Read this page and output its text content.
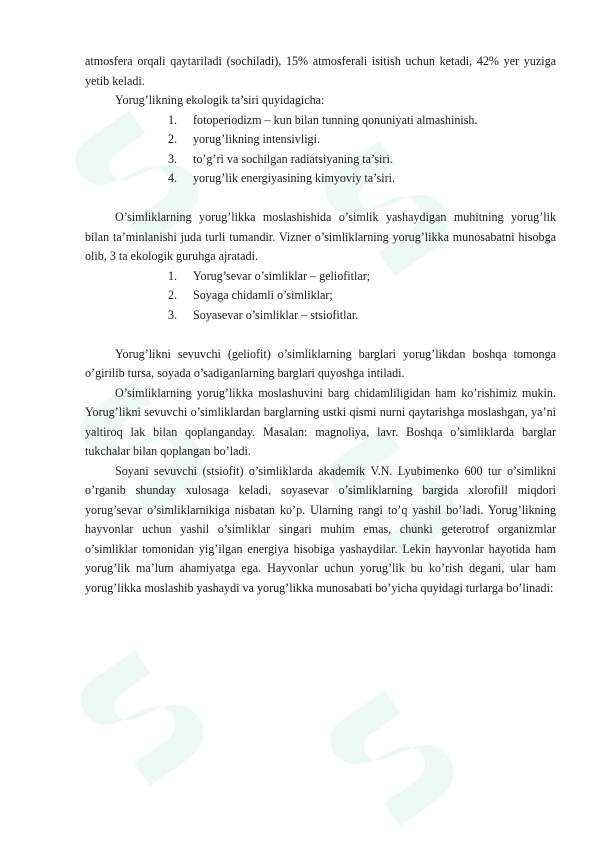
atmosfera orqali qaytariladi (sochiladi), 15% atmosferali isitish uchun ketadi, 42% yer yuziga yetib keladi.

Yorug’likning ekologik ta’siri quyidagicha:

1. fotoperiodizm – kun bilan tunning qonuniyati almashinish.
2. yorug’likning intensivligi.
3. to’g’ri va sochilgan radiatsiyaning ta’siri.
4. yorug’lik energiyasining kimyoviy ta’siri.

O’simliklarning yorug’likka moslashishida o’simlik yashaydigan muhitning yorug’lik bilan ta’minlanishi juda turli tumandir. Vizner o’simliklarning yorug’likka munosabatni hisobga olib, 3 ta ekologik guruhga ajratadi.

1. Yorug’sevar o’simliklar – geliofitlar;
2. Soyaga chidamli o’simliklar;
3. Soyasevar o’simliklar – stsiofitlar.

Yorug’likni sevuvchi (geliofit) o’simliklarning barglari yorug’likdan boshqa tomonga o’girilib tursa, soyada o’sadiganlarning barglari quyoshga intiladi.

O’simliklarning yorug’likka moslashuvini barg chidamliligidan ham ko’rishimiz mukin. Yorug’likni sevuvchi o’simliklardan barglarning ustki qismi nurni qaytarishga moslashgan, ya’ni yaltiroq lak bilan qoplanganday. Masalan: magnoliya, lavr. Boshqa o’simliklarda barglar tukchalar bilan qoplangan bo’ladi.

Soyani sevuvchi (stsiofit) o’simliklarda akademik V.N. Lyubimenko 600 tur o’simlikni o’rganib shunday xulosaga keladi, soyasevar o’simliklarning bargida xlorofill miqdori yorug’sevar o’simliklarnikiga nisbatan ko’p. Ularning rangi to’q yashil bo’ladi. Yorug’likning hayvonlar uchun yashil o’simliklar singari muhim emas, chunki geterotrof organizmlar o’simliklar tomonidan yig’ilgan energiya hisobiga yashaydilar. Lekin hayvonlar hayotida ham yorug’lik ma’lum ahamiyatga ega. Hayvonlar uchun yorug’lik bu ko’rish degani, ular ham yorug’likka moslashib yashaydi va yorug’likka munosabati bo’yicha quyidagi turlarga bo’linadi:
